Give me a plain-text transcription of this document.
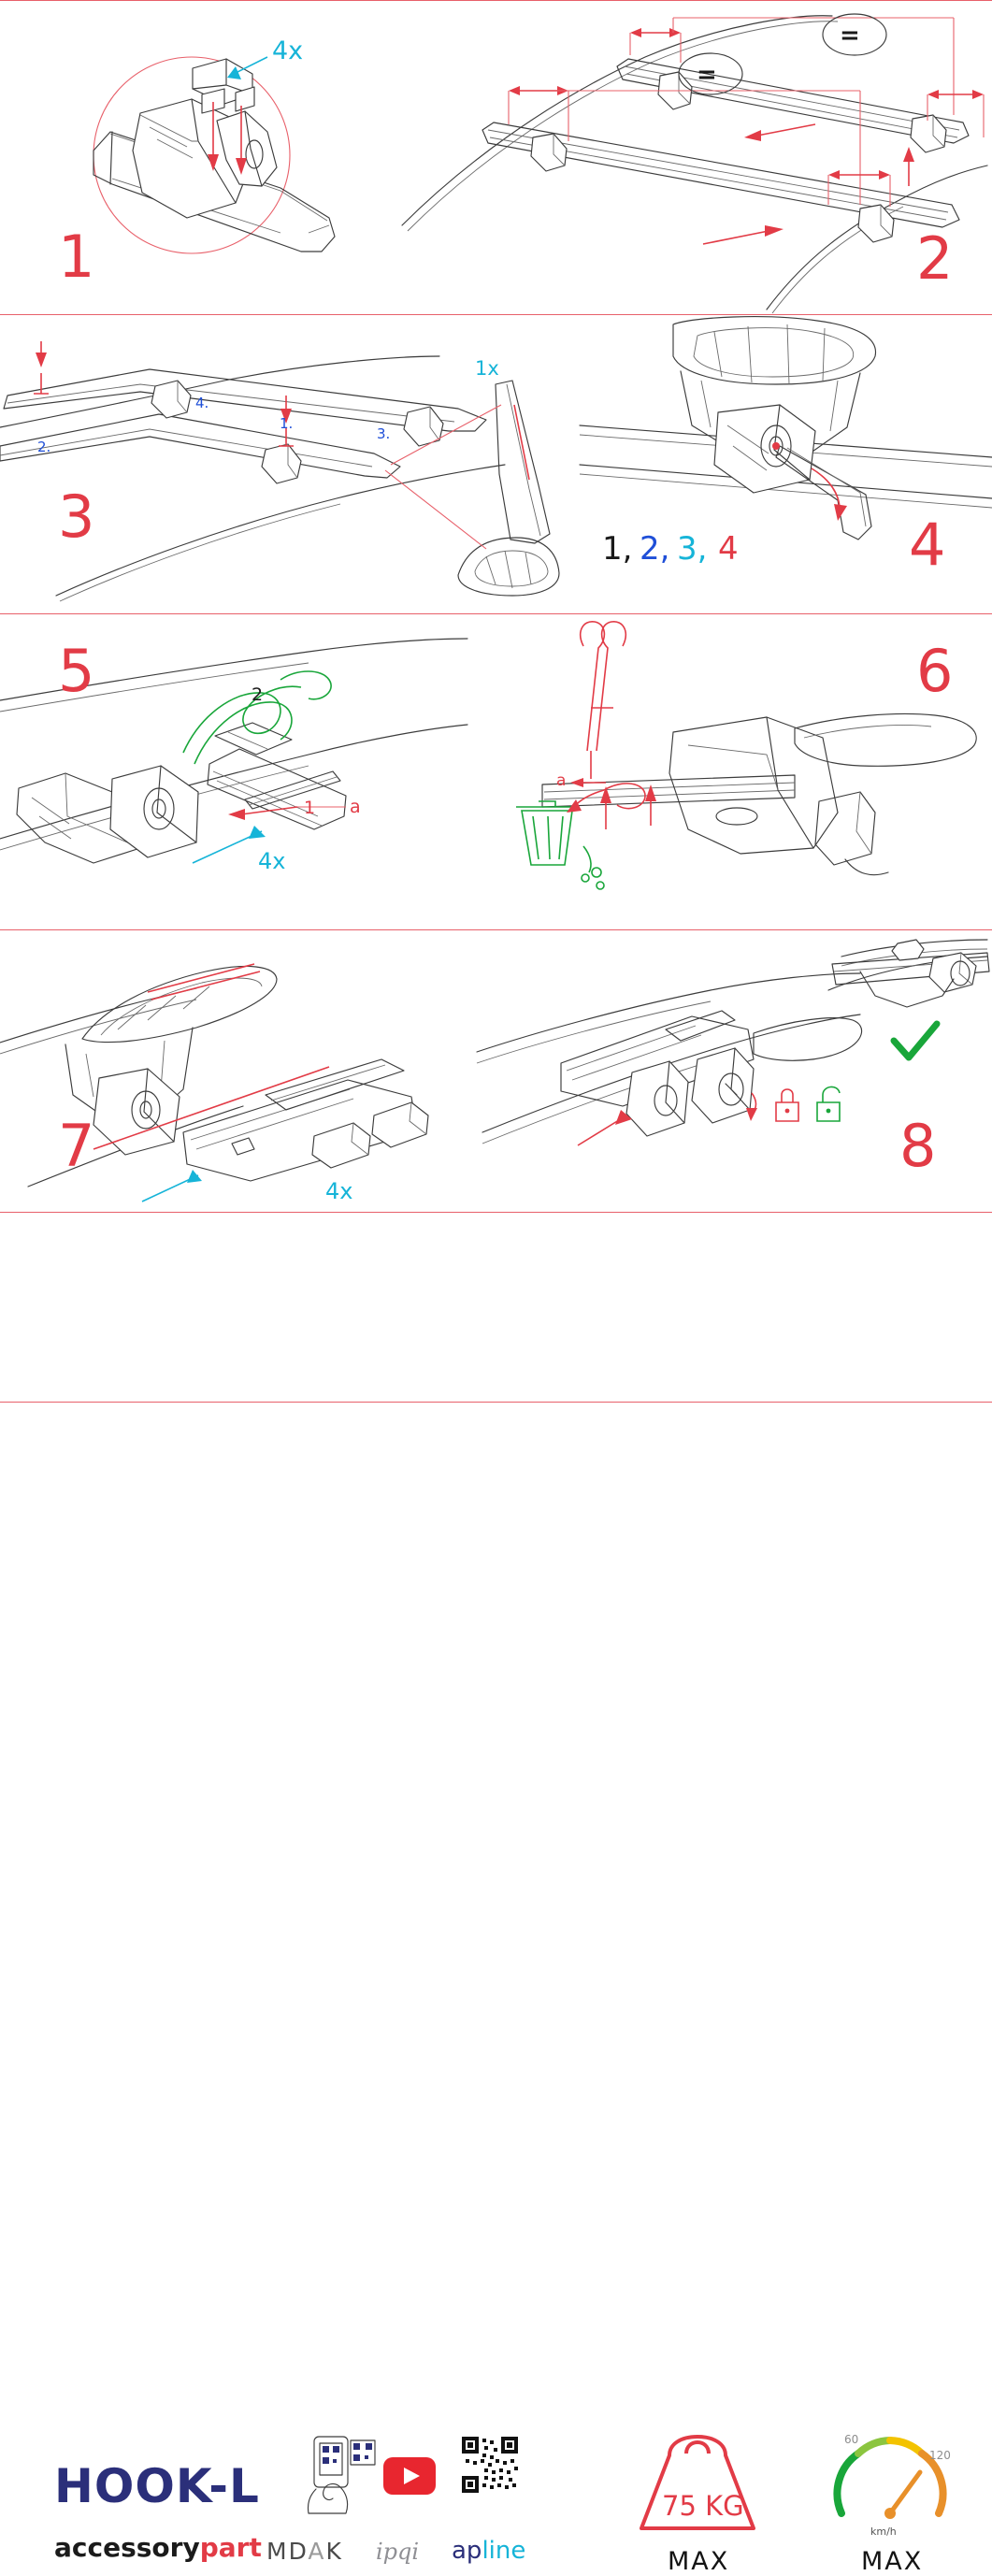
4x
1
=
=
2
2.
4.
1.
3.
1x
3	1, 2, 3, 4	4
2
1 a
4x
5
a
6
4x
7	8
HOOK-L
accessorypart MDAK ipqi apline
75 KG
MAX
60
120
km/h
MAX
